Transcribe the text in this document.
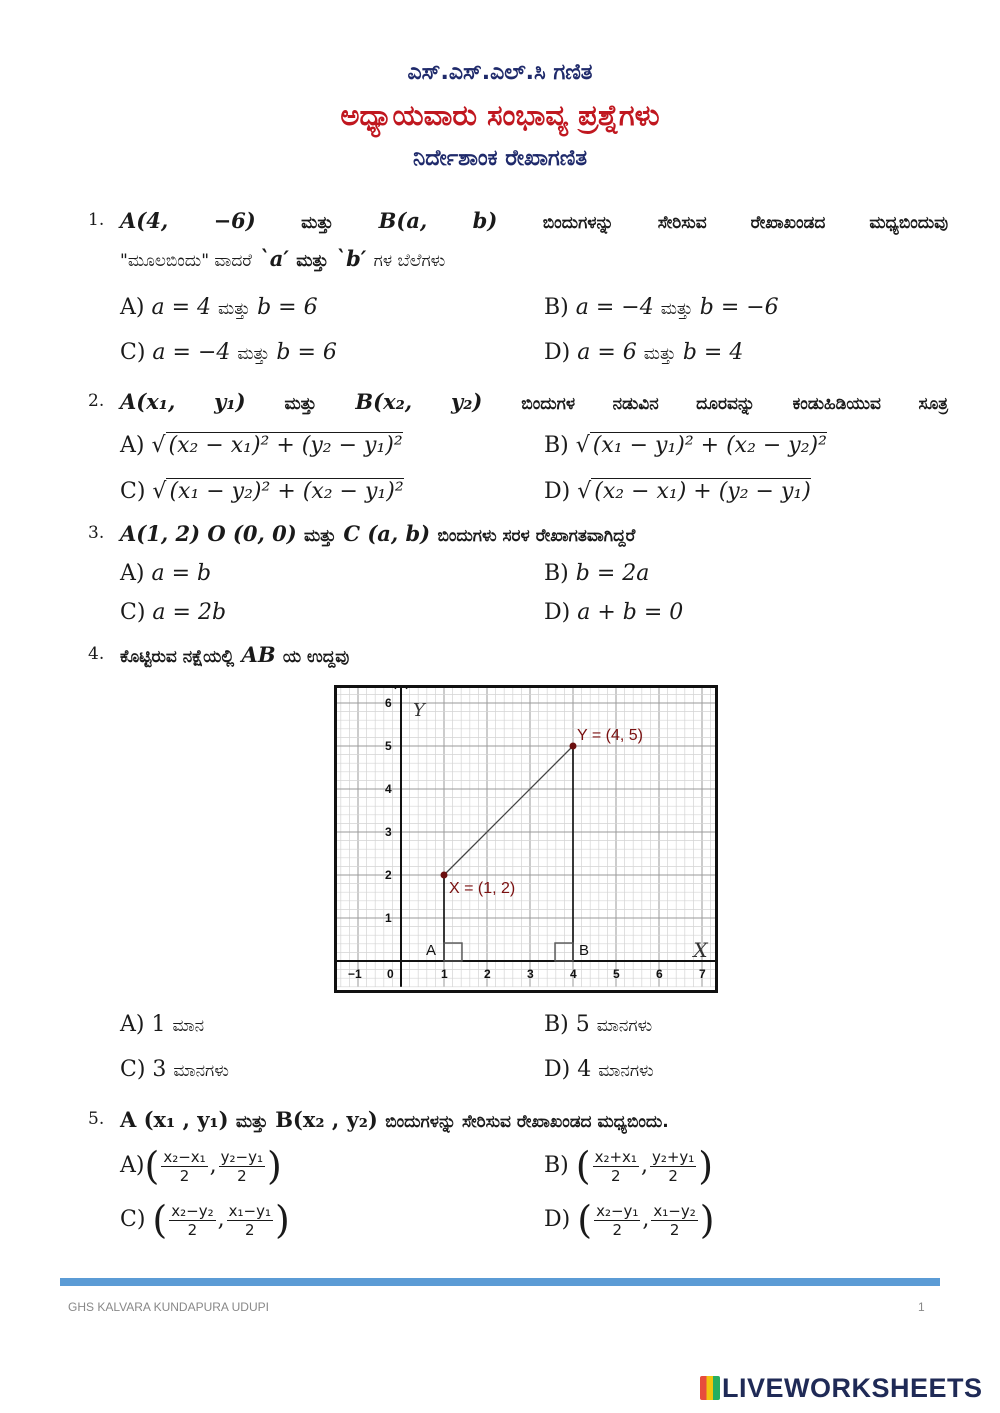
ಎಸ್.ಎಸ್.ಎಲ್.ಸಿ ಗಣಿತ
ಅಧ್ಯಾಯವಾರು ಸಂಭಾವ್ಯ ಪ್ರಶ್ನೆಗಳು
ನಿರ್ದೇಶಾಂಕ ರೇಖಾಗಣಿತ
1. A(4, −6)	ಮತ್ತು B(a, b)	ಬಿಂದುಗಳನ್ನು ಸೇರಿಸುವ ರೇಖಾಖಂಡದ ಮಧ್ಯಬಿಂದುವು
"ಮೂಲಬಿಂದು" ವಾದರೆ `a′ ಮತ್ತು `b′ ಗಳ ಬೆಲೆಗಳು
A) a = 4 ಮತ್ತು b = 6	B) a = −4 ಮತ್ತು b = −6
C) a = −4 ಮತ್ತು b = 6	D) a = 6 ಮತ್ತು b = 4
2. A(x₁, y₁) ಮತ್ತು B(x₂, y₂) ಬಿಂದುಗಳ ನಡುವಿನ ದೂರವನ್ನು ಕಂಡುಹಿಡಿಯುವ ಸೂತ್ರ
A) √ (x₂ − x₁)² + (y₂ − y₁)²	B) √ (x₁ − y₁)² + (x₂ − y₂)²
C) √ (x₁ − y₂)² + (x₂ − y₁)²	D) √ (x₂ − x₁) + (y₂ − y₁)
3. A(1, 2) O (0, 0) ಮತ್ತು C (a, b) ಬಿಂದುಗಳು ಸರಳ ರೇಖಾಗತವಾಗಿದ್ದರೆ
A) a = b	B) b = 2a
C) a = 2b	D) a + b = 0
4. ಕೊಟ್ಟಿರುವ ನಕ್ಷೆಯಲ್ಲಿ AB ಯ ಉದ್ದವು
−1 0	1	2	3	4	5	6	7
1
2
3
4
5
6 Y
X
A	B
X = (1, 2)
Y = (4, 5)
A) 1 ಮಾನ	B) 5 ಮಾನಗಳು
C) 3 ಮಾನಗಳು	D) 4 ಮಾನಗಳು
5. A (x₁ , y₁) ಮತ್ತು B(x₂ , y₂) ಬಿಂದುಗಳನ್ನು ಸೇರಿಸುವ ರೇಖಾಖಂಡದ ಮಧ್ಯಬಿಂದು.
$A)( \frac{\text{x₂−x₁}}{2}$ , $\frac{\text{y₂−y₁}}{2}$ )	B) ( $\frac{\text{x₂+x₁}}{2}$ , $\frac{\text{y₂+y₁}}{2}$ )
C) ( $\frac{\text{x₂−y₂}}{2}$ , $\frac{\text{x₁−y₁}}{2}$ )	D) ( $\frac{\text{x₂−y₁}}{2}$ , $\frac{\text{x₁−y₂}}{2}$ )
GHS KALVARA KUNDAPURA UDUPI	1
LIVEWORKSHEETS
